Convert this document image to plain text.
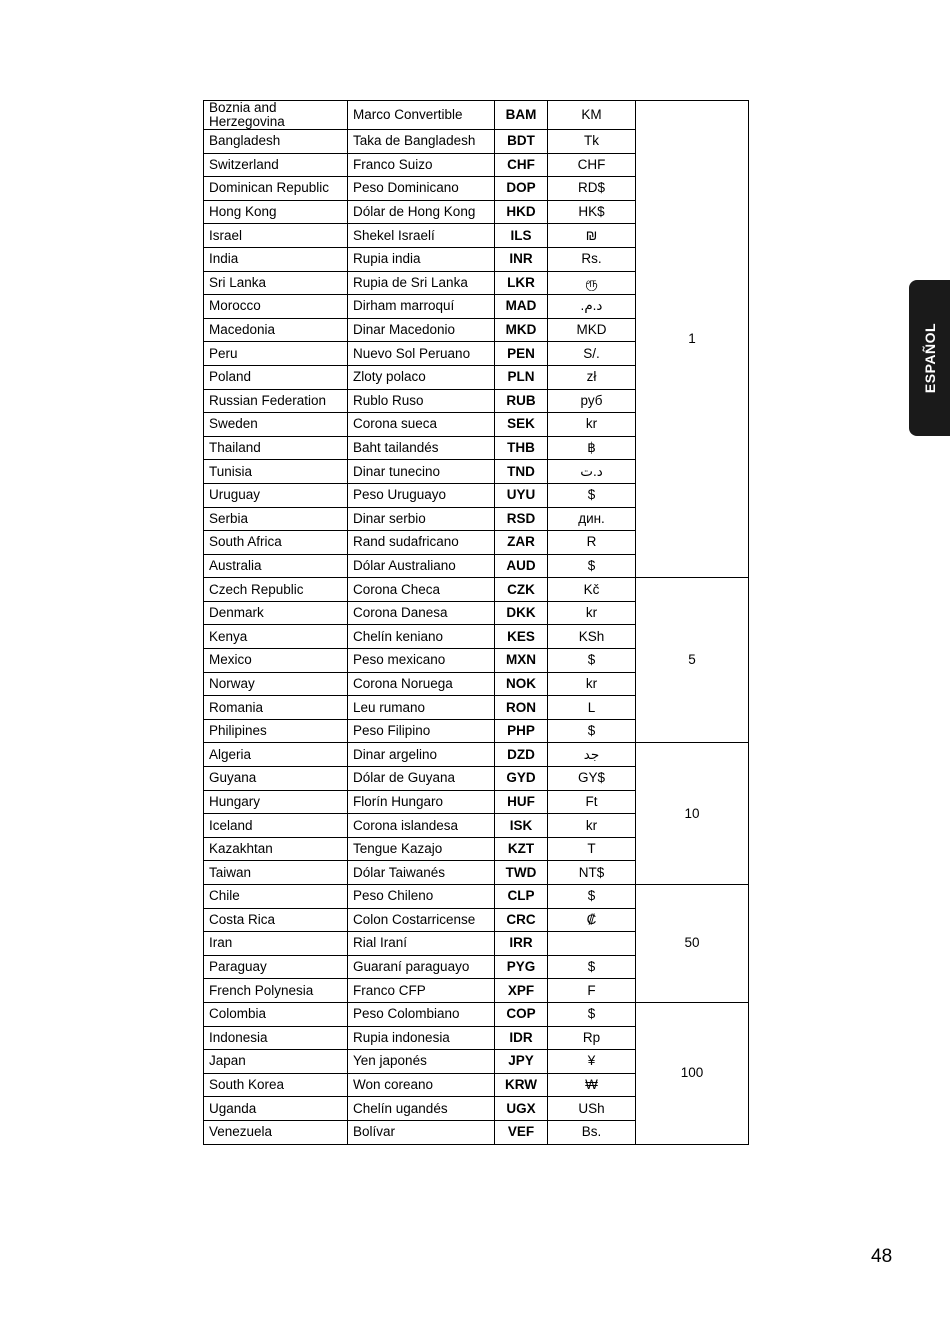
Boznia and Herzegovina	Marco Convertible	BAM	KM	1
Bangladesh	Taka de Bangladesh	BDT	Tk	
Switzerland	Franco Suizo	CHF	CHF	
Dominican Republic	Peso Dominicano	DOP	RD$	
Hong Kong	Dólar de Hong Kong	HKD	HK$	
Israel	Shekel Israelí	ILS	₪	
India	Rupia india	INR	Rs.	
Sri Lanka	Rupia de Sri Lanka	LKR	ரூ	
Morocco	Dirham marroquí	MAD	.د.م	
Macedonia	Dinar Macedonio	MKD	MKD	
Peru	Nuevo Sol Peruano	PEN	S/.	
Poland	Zloty polaco	PLN	zł	
Russian Federation	Rublo Ruso	RUB	руб	
Sweden	Corona sueca	SEK	kr	
Thailand	Baht tailandés	THB	฿	
Tunisia	Dinar tunecino	TND	د.ت	
Uruguay	Peso Uruguayo	UYU	$	
Serbia	Dinar serbio	RSD	дин.	
South Africa	Rand sudafricano	ZAR	R	
Australia	Dólar Australiano	AUD	$	
Czech Republic	Corona Checa	CZK	Kč	5
Denmark	Corona Danesa	DKK	kr	
Kenya	Chelín keniano	KES	KSh	
Mexico	Peso mexicano	MXN	$	
Norway	Corona Noruega	NOK	kr	
Romania	Leu rumano	RON	L	
Philipines	Peso Filipino	PHP	$	
Algeria	Dinar argelino	DZD	جد	10
Guyana	Dólar de Guyana	GYD	GY$	
Hungary	Florín Hungaro	HUF	Ft	
Iceland	Corona islandesa	ISK	kr	
Kazakhtan	Tengue Kazajo	KZT	T	
Taiwan	Dólar Taiwanés	TWD	NT$	
Chile	Peso Chileno	CLP	$	50
Costa Rica	Colon Costarricense	CRC	₡	
Iran	Rial Iraní	IRR		
Paraguay	Guaraní paraguayo	PYG	$	
French Polynesia	Franco CFP	XPF	F	
Colombia	Peso Colombiano	COP	$	100
Indonesia	Rupia indonesia	IDR	Rp	
Japan	Yen japonés	JPY	¥	
South Korea	Won coreano	KRW	₩	
Uganda	Chelín ugandés	UGX	USh	
Venezuela	Bolívar	VEF	Bs.	
ESPAÑOL
48
